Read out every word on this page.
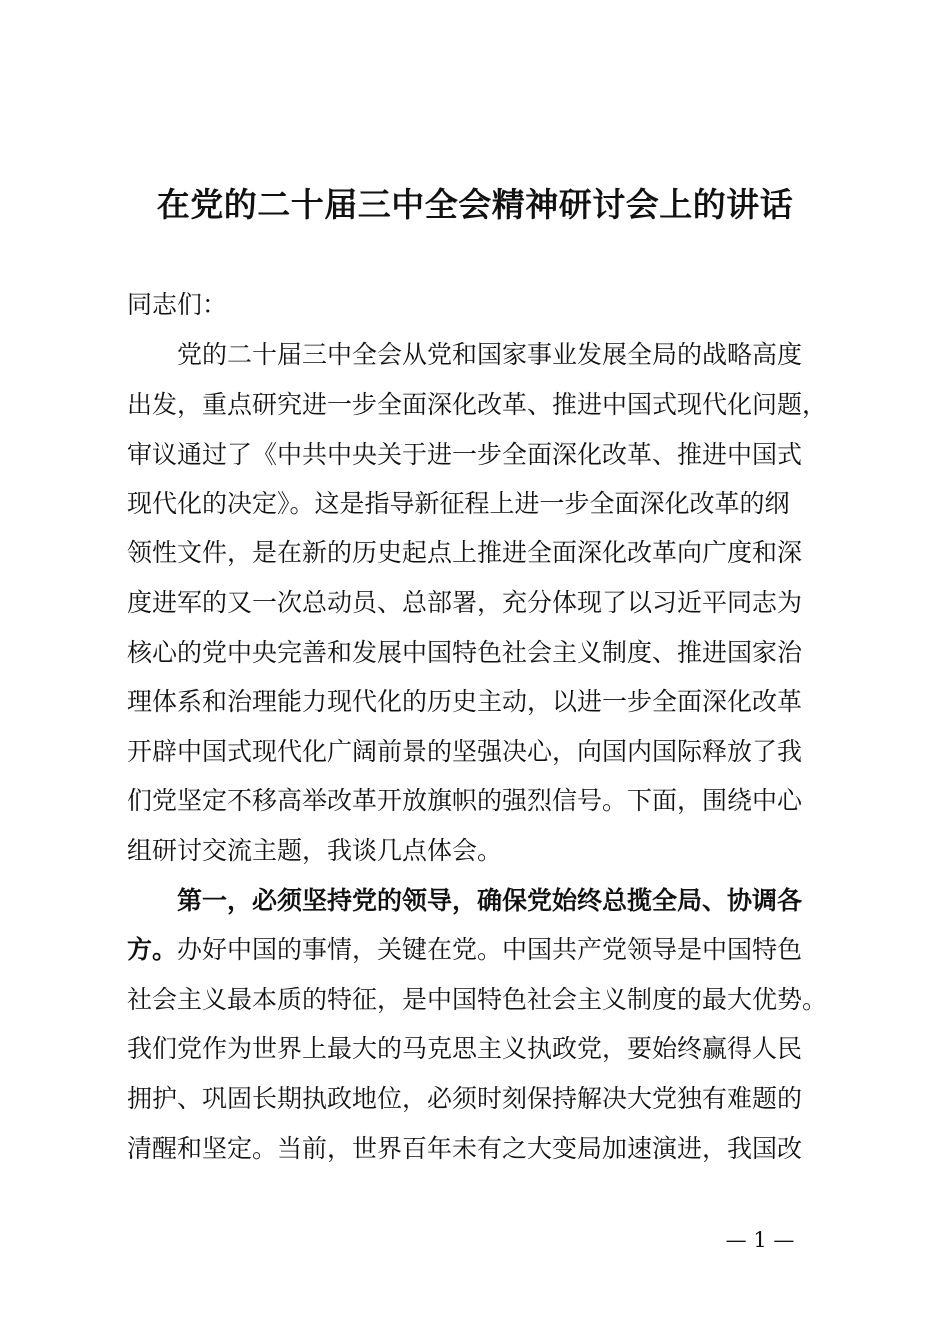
在党的二十届三中全会精神研讨会上的讲话

同志们：

党的二十届三中全会从党和国家事业发展全局的战略高度

出发，重点研究进一步全面深化改革、推进中国式现代化问题，

审议通过了《中共中央关于进一步全面深化改革、推进中国式

现代化的决定》。这是指导新征程上进一步全面深化改革的纲

领性文件，是在新的历史起点上推进全面深化改革向广度和深

度进军的又一次总动员、总部署，充分体现了以习近平同志为

核心的党中央完善和发展中国特色社会主义制度、推进国家治

理体系和治理能力现代化的历史主动，以进一步全面深化改革

开辟中国式现代化广阔前景的坚强决心，向国内国际释放了我

们党坚定不移高举改革开放旗帜的强烈信号。下面，围绕中心

组研讨交流主题，我谈几点体会。

第一，必须坚持党的领导，确保党始终总揽全局、协调各

方。办好中国的事情，关键在党。中国共产党领导是中国特色

社会主义最本质的特征，是中国特色社会主义制度的最大优势。

我们党作为世界上最大的马克思主义执政党，要始终赢得人民

拥护、巩固长期执政地位，必须时刻保持解决大党独有难题的

清醒和坚定。当前，世界百年未有之大变局加速演进，我国改

— 1 —
